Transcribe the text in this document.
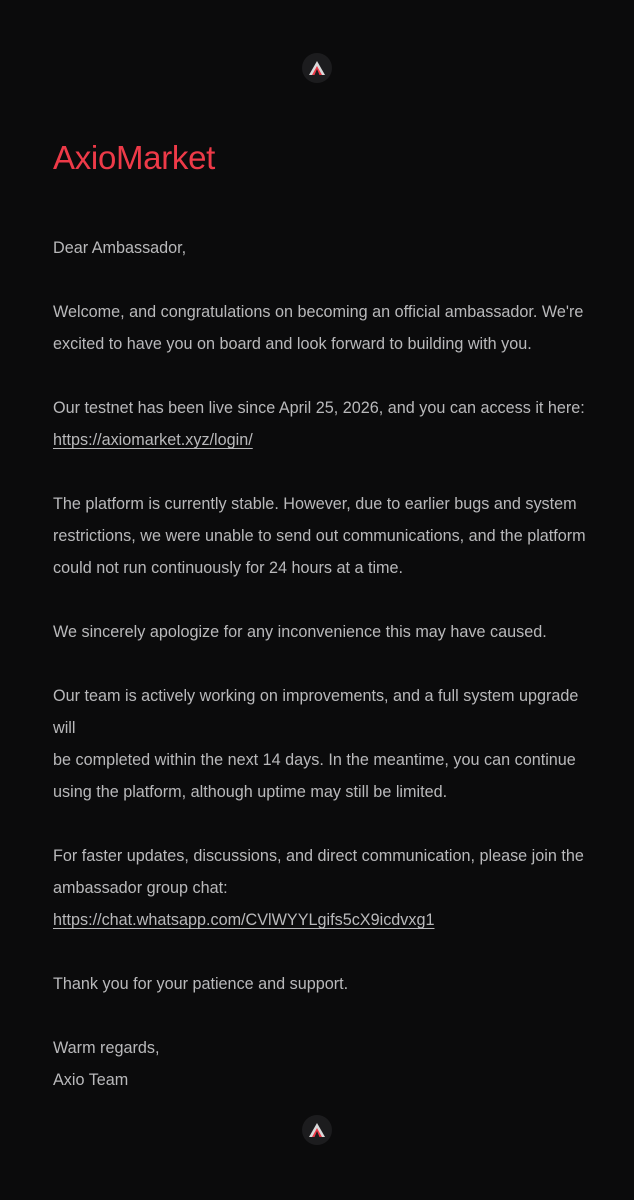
AxioMarket

Dear Ambassador,

Welcome, and congratulations on becoming an official ambassador. We're
excited to have you on board and look forward to building with you.

Our testnet has been live since April 25, 2026, and you can access it here:
https://axiomarket.xyz/login/

The platform is currently stable. However, due to earlier bugs and system
restrictions, we were unable to send out communications, and the platform
could not run continuously for 24 hours at a time.

We sincerely apologize for any inconvenience this may have caused.

Our team is actively working on improvements, and a full system upgrade will
be completed within the next 14 days. In the meantime, you can continue
using the platform, although uptime may still be limited.

For faster updates, discussions, and direct communication, please join the
ambassador group chat:
https://chat.whatsapp.com/CVlWYYLgifs5cX9icdvxg1

Thank you for your patience and support.

Warm regards,

Axio Team
